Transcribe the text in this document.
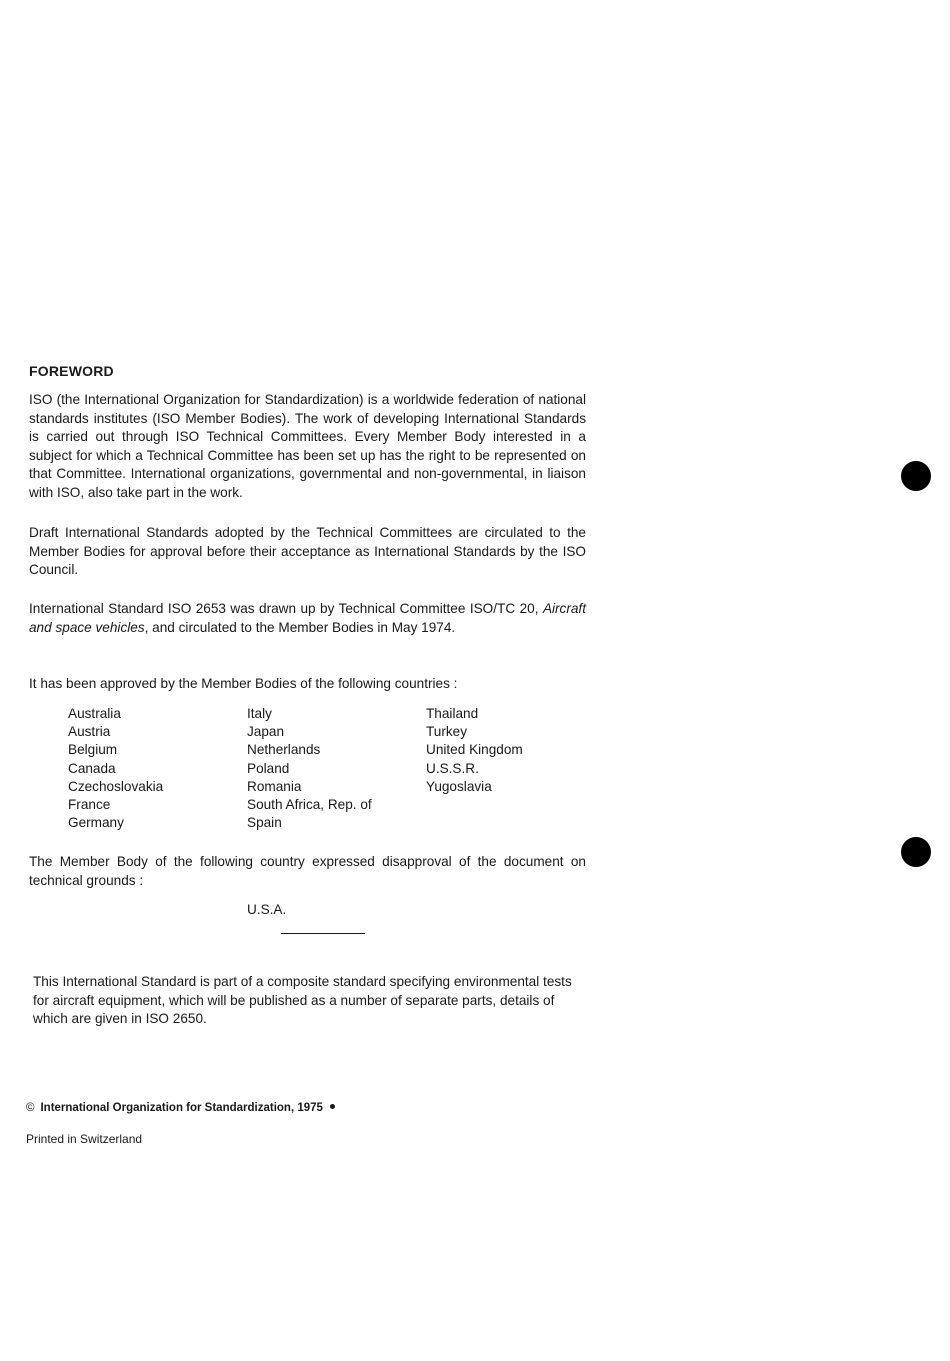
FOREWORD

ISO (the International Organization for Standardization) is a worldwide federation of national standards institutes (ISO Member Bodies). The work of developing International Standards is carried out through ISO Technical Committees. Every Member Body interested in a subject for which a Technical Committee has been set up has the right to be represented on that Committee. International organizations, governmental and non-governmental, in liaison with ISO, also take part in the work.

Draft International Standards adopted by the Technical Committees are circulated to the Member Bodies for approval before their acceptance as International Standards by the ISO Council.

International Standard ISO 2653 was drawn up by Technical Committee ISO/TC 20, Aircraft and space vehicles, and circulated to the Member Bodies in May 1974.

It has been approved by the Member Bodies of the following countries :
Australia
Austria
Belgium
Canada
Czechoslovakia
France
Germany
Italy
Japan
Netherlands
Poland
Romania
South Africa, Rep. of
Spain
Thailand
Turkey
United Kingdom
U.S.S.R.
Yugoslavia

The Member Body of the following country expressed disapproval of the document on technical grounds :

U.S.A.

This International Standard is part of a composite standard specifying environmental tests for aircraft equipment, which will be published as a number of separate parts, details of which are given in ISO 2650.

© International Organization for Standardization, 1975
Printed in Switzerland
